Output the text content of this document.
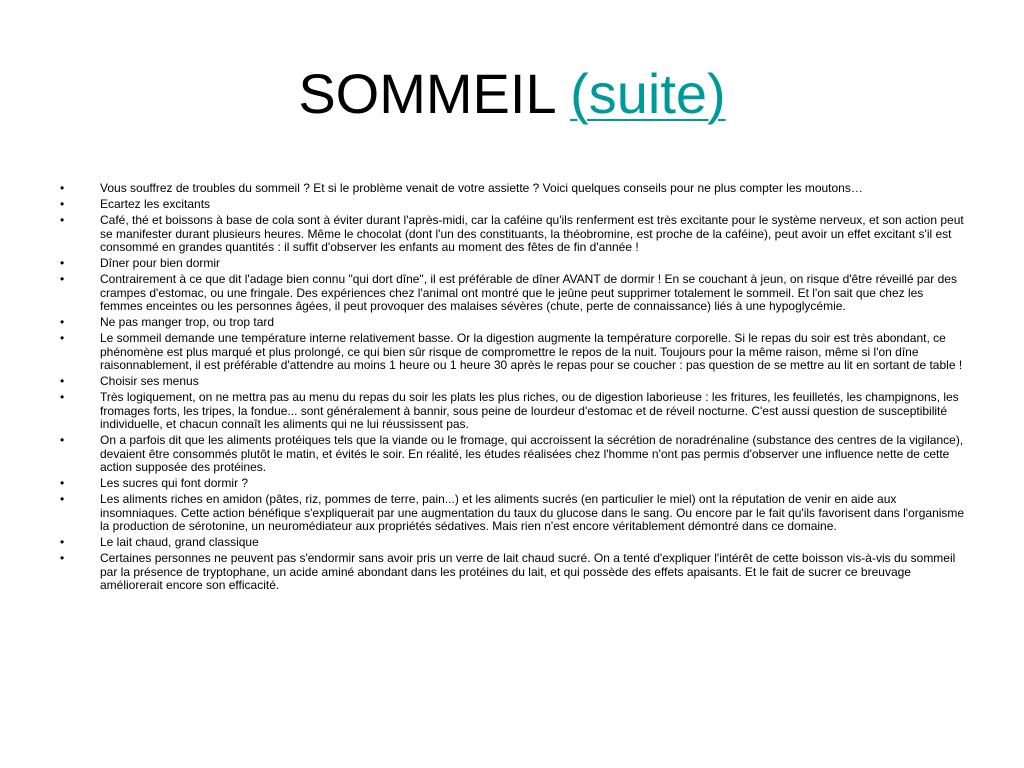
SOMMEIL (suite)
•	Vous souffrez de troubles du sommeil ? Et si le problème venait de votre assiette ? Voici quelques conseils pour ne plus compter les moutons…
•	Ecartez les excitants
•	Café, thé et boissons à base de cola sont à éviter durant l'après-midi, car la caféine qu'ils renferment est très excitante pour le système nerveux, et son action peut se manifester durant plusieurs heures. Même le chocolat (dont l'un des constituants, la théobromine, est proche de la caféine), peut avoir un effet excitant s'il est consommé en grandes quantités : il suffit d'observer les enfants au moment des fêtes de fin d'année !
•	Dîner pour bien dormir
•	Contrairement à ce que dit l'adage bien connu "qui dort dîne", il est préférable de dîner AVANT de dormir ! En se couchant à jeun, on risque d'être réveillé par des crampes d'estomac, ou une fringale. Des expériences chez l'animal ont montré que le jeûne peut supprimer totalement le sommeil. Et l'on sait que chez les femmes enceintes ou les personnes âgées, il peut provoquer des malaises sévères (chute, perte de connaissance) liés à une hypoglycémie.
•	Ne pas manger trop, ou trop tard
•	Le sommeil demande une température interne relativement basse. Or la digestion augmente la température corporelle. Si le repas du soir est très abondant, ce phénomène est plus marqué et plus prolongé, ce qui bien sûr risque de compromettre le repos de la nuit. Toujours pour la même raison, même si l'on dîne raisonnablement, il est préférable d'attendre au moins 1 heure ou 1 heure 30 après le repas pour se coucher : pas question de se mettre au lit en sortant de table !
•	Choisir ses menus
•	Très logiquement, on ne mettra pas au menu du repas du soir les plats les plus riches, ou de digestion laborieuse : les fritures, les feuilletés, les champignons, les fromages forts, les tripes, la fondue... sont généralement à bannir, sous peine de lourdeur d'estomac et de réveil nocturne. C'est aussi question de susceptibilité individuelle, et chacun connaît les aliments qui ne lui réussissent pas.
•	On a parfois dit que les aliments protéiques tels que la viande ou le fromage, qui accroissent la sécrétion de noradrénaline (substance des centres de la vigilance), devaient être consommés plutôt le matin, et évités le soir. En réalité, les études réalisées chez l'homme n'ont pas permis d'observer une influence nette de cette action supposée des protéines.
•	Les sucres qui font dormir ?
•	Les aliments riches en amidon (pâtes, riz, pommes de terre, pain...) et les aliments sucrés (en particulier le miel) ont la réputation de venir en aide aux insomniaques. Cette action bénéfique s'expliquerait par une augmentation du taux du glucose dans le sang. Ou encore par le fait qu'ils favorisent dans l'organisme la production de sérotonine, un neuromédiateur aux propriétés sédatives. Mais rien n'est encore véritablement démontré dans ce domaine.
•	Le lait chaud, grand classique
•	Certaines personnes ne peuvent pas s'endormir sans avoir pris un verre de lait chaud sucré. On a tenté d'expliquer l'intérêt de cette boisson vis-à-vis du sommeil par la présence de tryptophane, un acide aminé abondant dans les protéines du lait, et qui possède des effets apaisants. Et le fait de sucrer ce breuvage améliorerait encore son efficacité.
